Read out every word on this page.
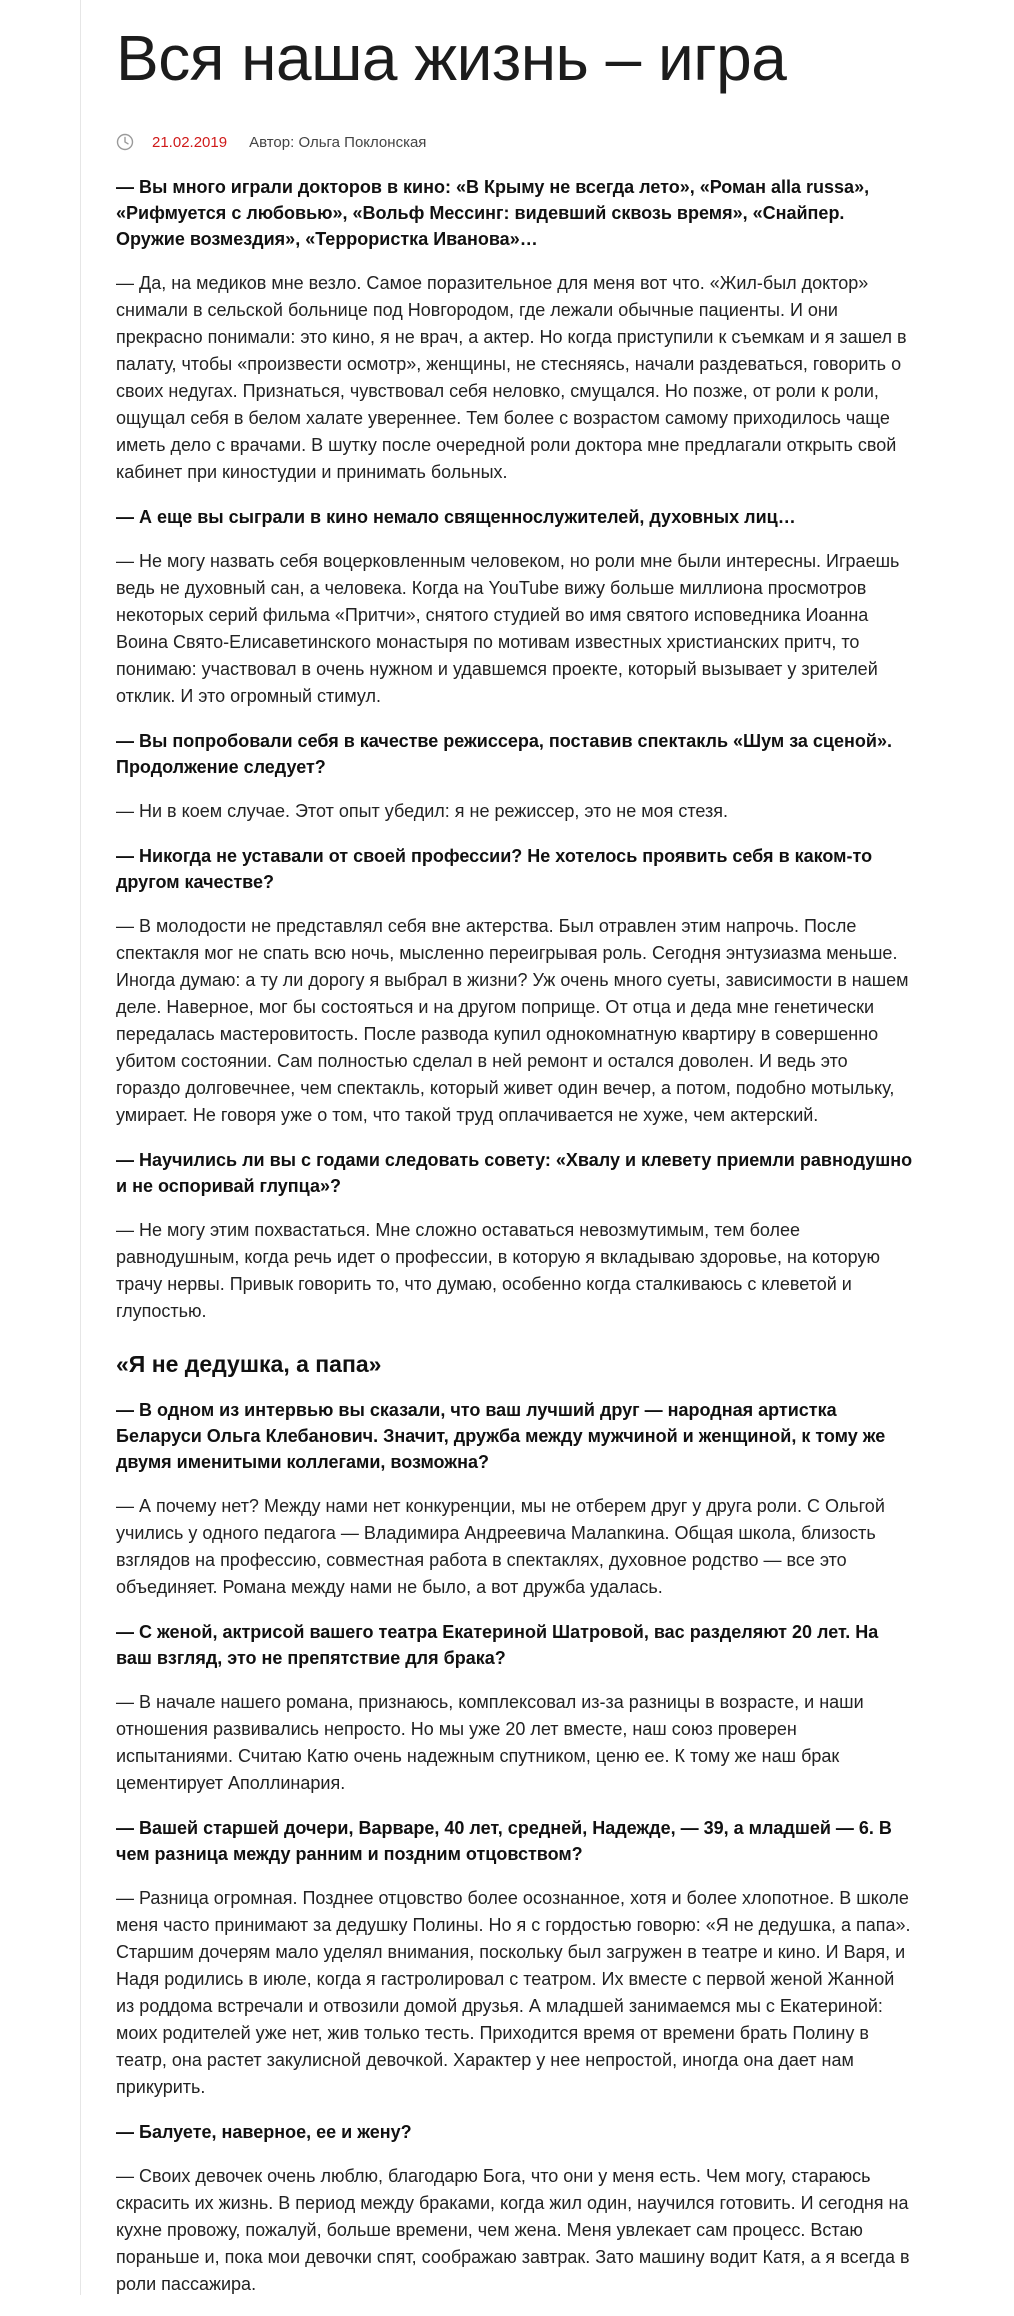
Вся наша жизнь – игра
21.02.2019 Автор: Ольга Поклонская

— Вы много играли докторов в кино: «В Крыму не всегда лето», «Роман alla russa», «Рифмуется с любовью», «Вольф Мессинг: видевший сквозь время», «Снайпер. Оружие возмездия», «Террористка Иванова»…

— Да, на медиков мне везло. Самое поразительное для меня вот что. «Жил-был доктор» снимали в сельской больнице под Новгородом, где лежали обычные пациенты. И они прекрасно понимали: это кино, я не врач, а актер. Но когда приступили к съемкам и я зашел в палату, чтобы «произвести осмотр», женщины, не стесняясь, начали раздеваться, говорить о своих недугах. Признаться, чувствовал себя неловко, смущался. Но позже, от роли к роли, ощущал себя в белом халате увереннее. Тем более с возрастом самому приходилось чаще иметь дело с врачами. В шутку после очередной роли доктора мне предлагали открыть свой кабинет при киностудии и принимать больных.

— А еще вы сыграли в кино немало священнослужителей, духовных лиц…

— Не могу назвать себя воцерковленным человеком, но роли мне были интересны. Играешь ведь не духовный сан, а человека. Когда на YouTube вижу больше миллиона просмотров некоторых серий фильма «Притчи», снятого студией во имя святого исповедника Иоанна Воина Свято-Елисаветинского монастыря по мотивам известных христианских притч, то понимаю: участвовал в очень нужном и удавшемся проекте, который вызывает у зрителей отклик. И это огромный стимул.

— Вы попробовали себя в качестве режиссера, поставив спектакль «Шум за сценой». Продолжение следует?

— Ни в коем случае. Этот опыт убедил: я не режиссер, это не моя стезя.

— Никогда не уставали от своей профессии? Не хотелось проявить себя в каком-то другом качестве?

— В молодости не представлял себя вне актерства. Был отравлен этим напрочь. После спектакля мог не спать всю ночь, мысленно переигрывая роль. Сегодня энтузиазма меньше. Иногда думаю: а ту ли дорогу я выбрал в жизни? Уж очень много суеты, зависимости в нашем деле. Наверное, мог бы состояться и на другом поприще. От отца и деда мне генетически передалась мастеровитость. После развода купил однокомнатную квартиру в совершенно убитом состоянии. Сам полностью сделал в ней ремонт и остался доволен. И ведь это гораздо долговечнее, чем спектакль, который живет один вечер, а потом, подобно мотыльку, умирает. Не говоря уже о том, что такой труд оплачивается не хуже, чем актерский.

— Научились ли вы с годами следовать совету: «Хвалу и клевету приемли равнодушно и не оспоривай глупца»?

— Не могу этим похвастаться. Мне сложно оставаться невозмутимым, тем более равнодушным, когда речь идет о профессии, в которую я вкладываю здоровье, на которую трачу нервы. Привык говорить то, что думаю, особенно когда сталкиваюсь с клеветой и глупостью.

«Я не дедушка, а папа»

— В одном из интервью вы сказали, что ваш лучший друг — народная артистка Беларуси Ольга Клебанович. Значит, дружба между мужчиной и женщиной, к тому же двумя именитыми коллегами, возможна?

— А почему нет? Между нами нет конкуренции, мы не отберем друг у друга роли. С Ольгой учились у одного педагога — Владимира Андреевича Малanкина. Общая школа, близость взглядов на профессию, совместная работа в спектаклях, духовное родство — все это объединяет. Романа между нами не было, а вот дружба удалась.

— С женой, актрисой вашего театра Екатериной Шатровой, вас разделяют 20 лет. На ваш взгляд, это не препятствие для брака?

— В начале нашего романа, признаюсь, комплексовал из-за разницы в возрасте, и наши отношения развивались непросто. Но мы уже 20 лет вместе, наш союз проверен испытаниями. Считаю Катю очень надежным спутником, ценю ее. К тому же наш брак цементирует Аполлинария.

— Вашей старшей дочери, Варваре, 40 лет, средней, Надежде, — 39, а младшей — 6. В чем разница между ранним и поздним отцовством?

— Разница огромная. Позднее отцовство более осознанное, хотя и более хлопотное. В школе меня часто принимают за дедушку Полины. Но я с гордостью говорю: «Я не дедушка, а папа». Старшим дочерям мало уделял внимания, поскольку был загружен в театре и кино. И Варя, и Надя родились в июле, когда я гастролировал с театром. Их вместе с первой женой Жанной из роддома встречали и отвозили домой друзья. А младшей занимаемся мы с Екатериной: моих родителей уже нет, жив только тесть. Приходится время от времени брать Полину в театр, она растет закулисной девочкой. Характер у нее непростой, иногда она дает нам прикурить.

— Балуете, наверное, ее и жену?

— Своих девочек очень люблю, благодарю Бога, что они у меня есть. Чем могу, стараюсь скрасить их жизнь. В период между браками, когда жил один, научился готовить. И сегодня на кухне провожу, пожалуй, больше времени, чем жена. Меня увлекает сам процесс. Встаю пораньше и, пока мои девочки спят, соображаю завтрак. Зато машину водит Катя, а я всегда в роли пассажира.
